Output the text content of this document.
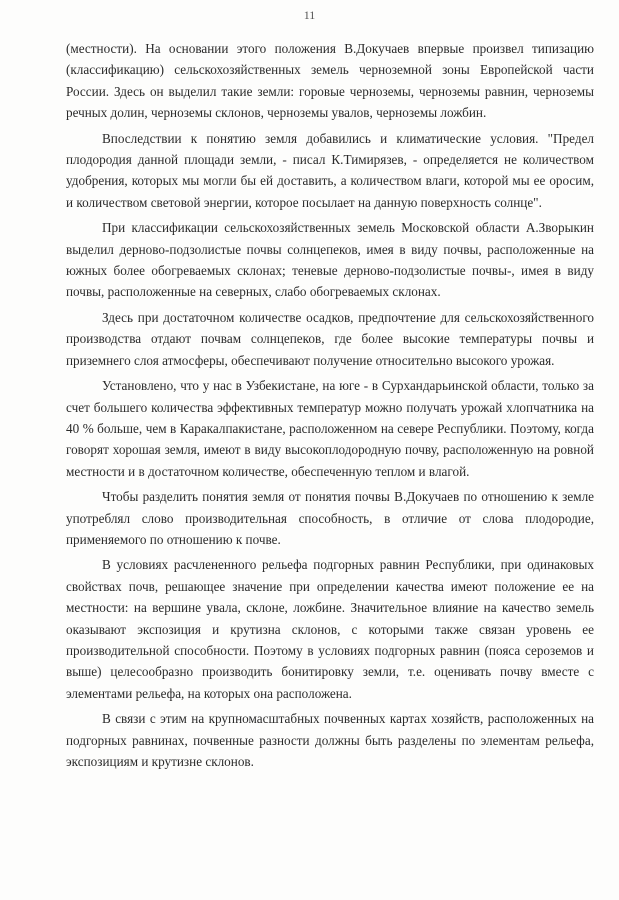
11

(местности). На основании этого положения В.Докучаев впервые произвел типизацию (классификацию) сельскохозяйственных земель черноземной зоны Европейской части России. Здесь он выделил такие земли: горовые черноземы, черноземы равнин, черноземы речных долин, черноземы склонов, черноземы увалов, черноземы ложбин.

Впоследствии к понятию земля добавились и климатические условия. "Предел плодородия данной площади земли, - писал К.Тимирязев, - определяется не количеством удобрения, которых мы могли бы ей доставить, а количеством влаги, которой мы ее оросим, и количеством световой энергии, которое посылает на данную поверхность солнце".

При классификации сельскохозяйственных земель Московской области А.Зворыкин выделил дерново-подзолистые почвы солнцепеков, имея в виду почвы, расположенные на южных более обогреваемых склонах; теневые дерново-подзолистые почвы-, имея в виду почвы, расположенные на северных, слабо обогреваемых склонах.

Здесь при достаточном количестве осадков, предпочтение для сельскохозяйственного производства отдают почвам солнцепеков, где более высокие температуры почвы и приземнего слоя атмосферы, обеспечивают получение относительно высокого урожая.

Установлено, что у нас в Узбекистане, на юге - в Сурхандарьинской области, только за счет большего количества эффективных температур можно получать урожай хлопчатника на 40 % больше, чем в Каракалпакистане, расположенном на севере Республики. Поэтому, когда говорят хорошая земля, имеют в виду высокоплодородную почву, расположенную на ровной местности и в достаточном количестве, обеспеченную теплом и влагой.

Чтобы разделить понятия земля от понятия почвы В.Докучаев по отношению к земле употреблял слово производительная способность, в отличие от слова плодородие, применяемого по отношению к почве.

В условиях расчлененного рельефа подгорных равнин Республики, при одинаковых свойствах почв, решающее значение при определении качества имеют положение ее на местности: на вершине увала, склоне, ложбине. Значительное влияние на качество земель оказывают экспозиция и крутизна склонов, с которыми также связан уровень ее производительной способности. Поэтому в условиях подгорных равнин (пояса сероземов и выше) целесообразно производить бонитировку земли, т.е. оценивать почву вместе с элементами рельефа, на которых она расположена.

В связи с этим на крупномасштабных почвенных картах хозяйств, расположенных на подгорных равнинах, почвенные разности должны быть разделены по элементам рельефа, экспозициям и крутизне склонов.
